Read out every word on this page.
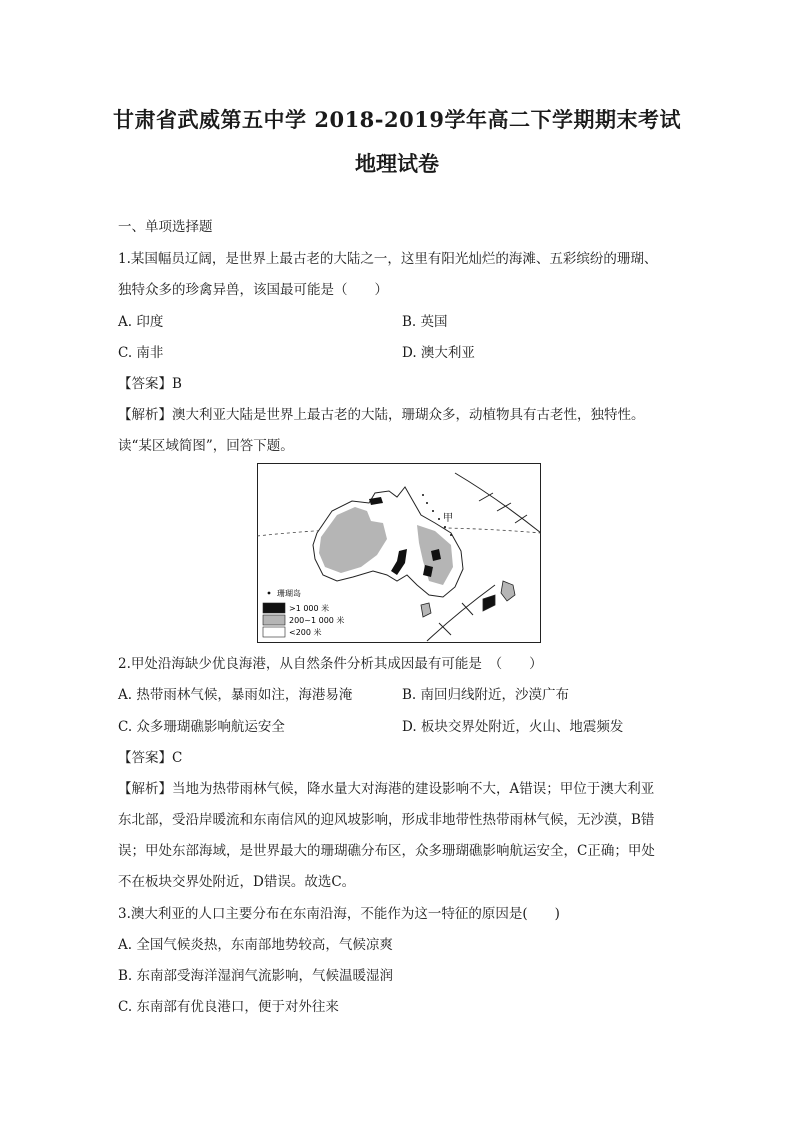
甘肃省武威第五中学 2018-2019学年高二下学期期末考试
地理试卷
一、单项选择题
1.某国幅员辽阔，是世界上最古老的大陆之一，这里有阳光灿烂的海滩、五彩缤纷的珊瑚、
独特众多的珍禽异兽，该国最可能是（　　）
A. 印度	B. 英国
C. 南非	D. 澳大利亚
【答案】B
【解析】澳大利亚大陆是世界上最古老的大陆，珊瑚众多，动植物具有古老性，独特性。
读“某区域简图”，回答下题。
甲
珊瑚岛
>1 000 米
200~1 000 米
<200 米
2.甲处沿海缺少优良海港，从自然条件分析其成因最有可能是　（　　）
A. 热带雨林气候，暴雨如注，海港易淹	B. 南回归线附近，沙漠广布
C. 众多珊瑚礁影响航运安全	D. 板块交界处附近，火山、地震频发
【答案】C
【解析】当地为热带雨林气候，降水量大对海港的建设影响不大，A错误；甲位于澳大利亚
东北部，受沿岸暖流和东南信风的迎风坡影响，形成非地带性热带雨林气候，无沙漠，B错
误；甲处东部海域，是世界最大的珊瑚礁分布区，众多珊瑚礁影响航运安全，C正确；甲处
不在板块交界处附近，D错误。故选C。
3.澳大利亚的人口主要分布在东南沿海，不能作为这一特征的原因是(　　)
A. 全国气候炎热，东南部地势较高，气候凉爽
B. 东南部受海洋湿润气流影响，气候温暖湿润
C. 东南部有优良港口，便于对外往来
